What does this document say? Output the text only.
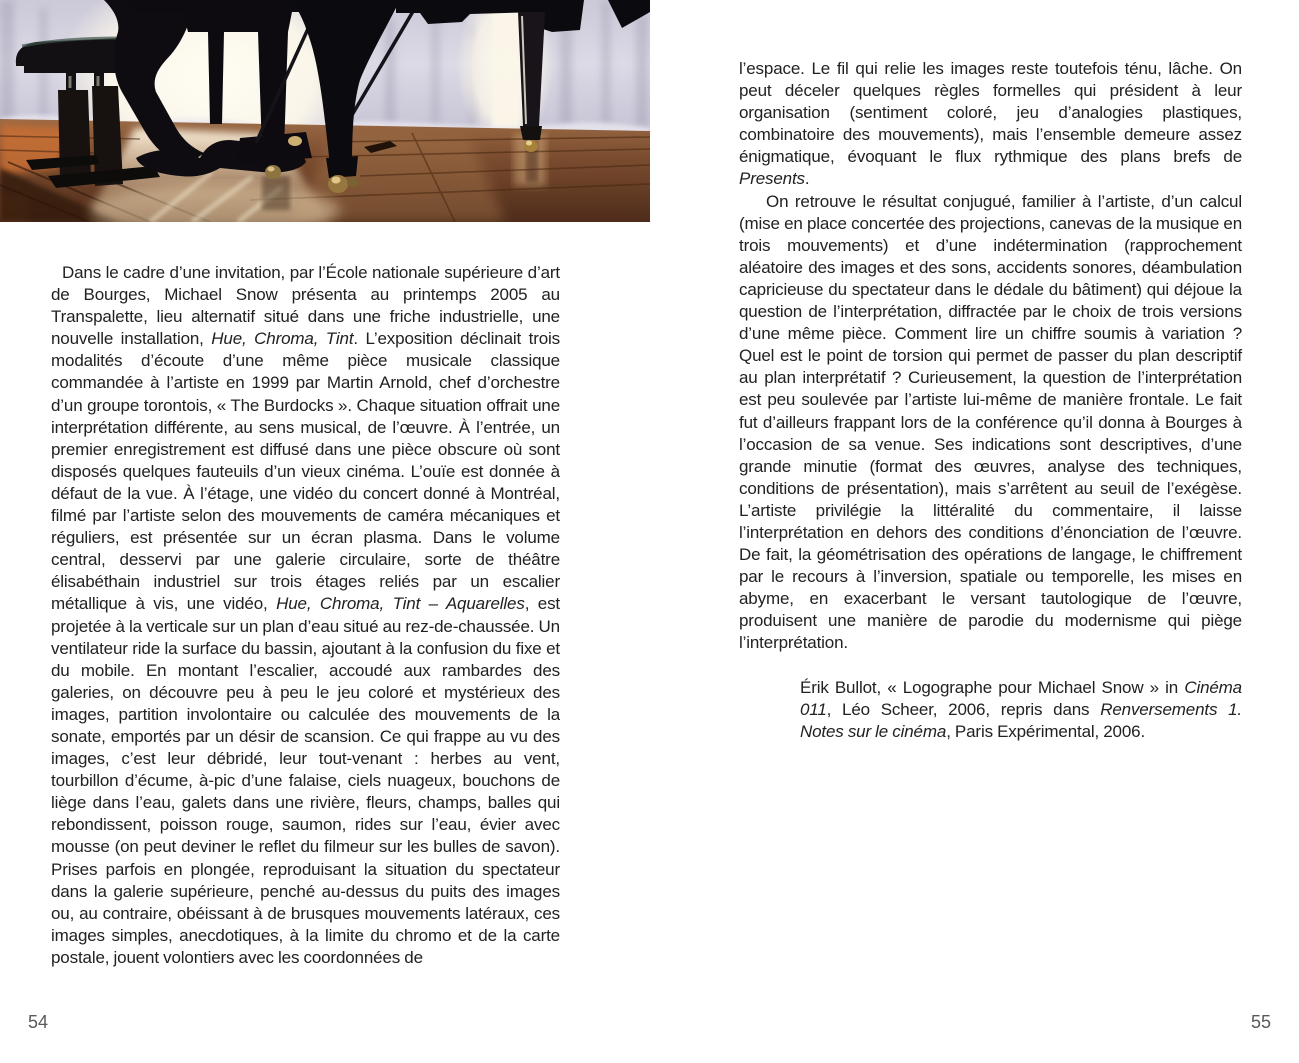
Dans le cadre d’une invitation, par l’École nationale supérieure d’art de Bourges, Michael Snow présenta au printemps 2005 au Transpalette, lieu alternatif situé dans une friche industrielle, une nouvelle installation, Hue, Chroma, Tint. L’exposition déclinait trois modalités d’écoute d’une même pièce musicale classique commandée à l’artiste en 1999 par Martin Arnold, chef d’orchestre d’un groupe torontois, « The Burdocks ». Chaque situation offrait une interprétation différente, au sens musical, de l’œuvre. À l’entrée, un premier enregistrement est diffusé dans une pièce obscure où sont disposés quelques fauteuils d’un vieux cinéma. L’ouïe est donnée à défaut de la vue. À l’étage, une vidéo du concert donné à Montréal, filmé par l’artiste selon des mouvements de caméra mécaniques et réguliers, est présentée sur un écran plasma. Dans le volume central, desservi par une galerie circulaire, sorte de théâtre élisabéthain industriel sur trois étages reliés par un escalier métallique à vis, une vidéo, Hue, Chroma, Tint – Aquarelles, est projetée à la verticale sur un plan d’eau situé au rez-de-chaussée. Un ventilateur ride la surface du bassin, ajoutant à la confusion du fixe et du mobile. En montant l’escalier, accoudé aux rambardes des galeries, on découvre peu à peu le jeu coloré et mystérieux des images, partition involontaire ou calculée des mouvements de la sonate, emportés par un désir de scansion. Ce qui frappe au vu des images, c’est leur débridé, leur tout-venant : herbes au vent, tourbillon d’écume, à-pic d’une falaise, ciels nuageux, bouchons de liège dans l’eau, galets dans une rivière, fleurs, champs, balles qui rebondissent, poisson rouge, saumon, rides sur l’eau, évier avec mousse (on peut deviner le reflet du filmeur sur les bulles de savon). Prises parfois en plongée, reproduisant la situation du spectateur dans la galerie supérieure, penché au-dessus du puits des images ou, au contraire, obéissant à de brusques mouvements latéraux, ces images simples, anecdotiques, à la limite du chromo et de la carte postale, jouent volontiers avec les coordonnées de

54

l’espace. Le fil qui relie les images reste toutefois ténu, lâche. On peut déceler quelques règles formelles qui président à leur organisation (sentiment coloré, jeu d’analogies plastiques, combinatoire des mouvements), mais l’ensemble demeure assez énigmatique, évoquant le flux rythmique des plans brefs de Presents.

On retrouve le résultat conjugué, familier à l’artiste, d’un calcul (mise en place concertée des projections, canevas de la musique en trois mouvements) et d’une indétermination (rapprochement aléatoire des images et des sons, accidents sonores, déambulation capricieuse du spectateur dans le dédale du bâtiment) qui déjoue la question de l’interprétation, diffractée par le choix de trois versions d’une même pièce. Comment lire un chiffre soumis à variation ? Quel est le point de torsion qui permet de passer du plan descriptif au plan interprétatif ? Curieusement, la question de l’interprétation est peu soulevée par l’artiste lui-même de manière frontale. Le fait fut d’ailleurs frappant lors de la conférence qu’il donna à Bourges à l’occasion de sa venue. Ses indications sont descriptives, d’une grande minutie (format des œuvres, analyse des techniques, conditions de présentation), mais s’arrêtent au seuil de l’exégèse. L’artiste privilégie la littéralité du commentaire, il laisse l’interprétation en dehors des conditions d’énonciation de l’œuvre. De fait, la géométrisation des opérations de langage, le chiffrement par le recours à l’inversion, spatiale ou temporelle, les mises en abyme, en exacerbant le versant tautologique de l’œuvre, produisent une manière de parodie du modernisme qui piège l’interprétation.

Érik Bullot, « Logographe pour Michael Snow » in Cinéma 011, Léo Scheer, 2006, repris dans Renversements 1. Notes sur le cinéma, Paris Expérimental, 2006.

55
